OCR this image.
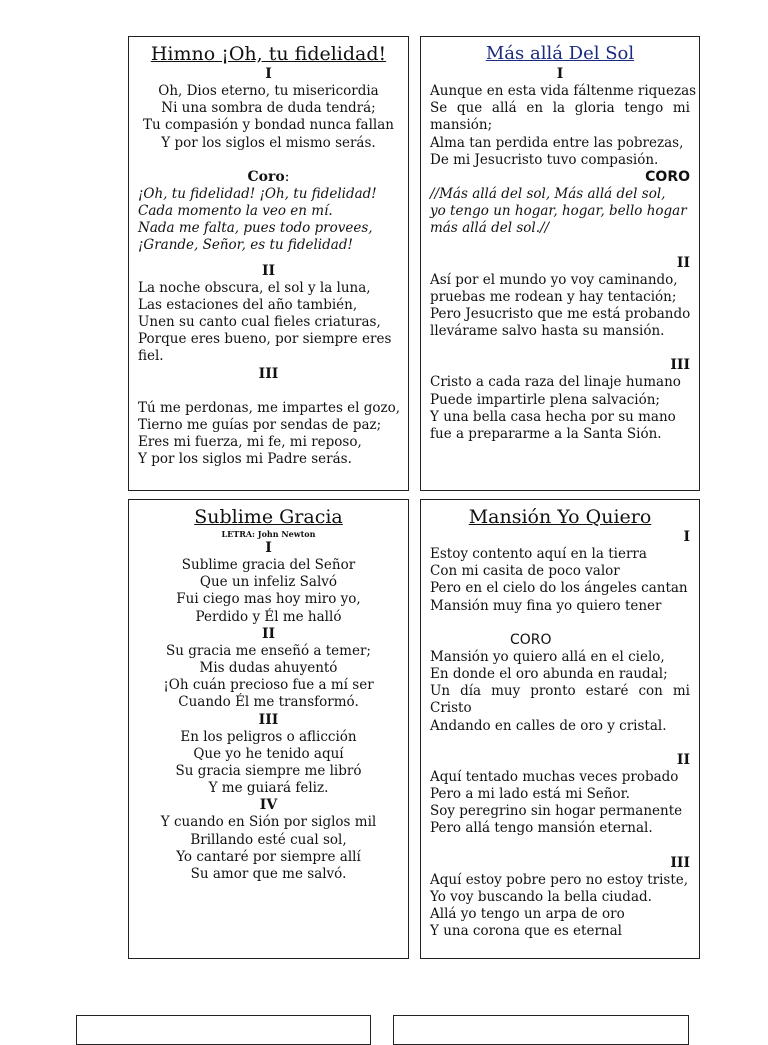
Himno ¡Oh, tu fidelidad!

I

Oh, Dios eterno, tu misericordia

Ni una sombra de duda tendrá;

Tu compasión y bondad nunca fallan

Y por los siglos el mismo serás.

Coro:

¡Oh, tu fidelidad! ¡Oh, tu fidelidad!

Cada momento la veo en mí.

Nada me falta, pues todo provees,

¡Grande, Señor, es tu fidelidad!

II

La noche obscura, el sol y la luna,

Las estaciones del año también,

Unen su canto cual fieles criaturas,

Porque eres bueno, por siempre eres

fiel.

III

Tú me perdonas, me impartes el gozo,

Tierno me guías por sendas de paz;

Eres mi fuerza, mi fe, mi reposo,

Y por los siglos mi Padre serás.

Más allá Del Sol

I

Aunque en esta vida fáltenme riquezas

Se que allá en la gloria tengo mi

mansión;

Alma tan perdida entre las pobrezas,

De mi Jesucristo tuvo compasión.

CORO

//Más allá del sol, Más allá del sol,

yo tengo un hogar, hogar, bello hogar

más allá del sol.//

II

Así por el mundo yo voy caminando,

pruebas me rodean y hay tentación;

Pero Jesucristo que me está probando

llevárame salvo hasta su mansión.

III

Cristo a cada raza del linaje humano

Puede impartirle plena salvación;

Y una bella casa hecha por su mano

fue a prepararme a la Santa Sión.

Sublime Gracia

LETRA: John Newton

I

Sublime gracia del Señor

Que un infeliz Salvó

Fui ciego mas hoy miro yo,

Perdido y Él me halló

II

Su gracia me enseñó a temer;

Mis dudas ahuyentó

¡Oh cuán precioso fue a mí ser

Cuando Él me transformó.

III

En los peligros o aflicción

Que yo he tenido aquí

Su gracia siempre me libró

Y me guiará feliz.

IV

Y cuando en Sión por siglos mil

Brillando esté cual sol,

Yo cantaré por siempre allí

Su amor que me salvó.

Mansión Yo Quiero

I

Estoy contento aquí en la tierra

Con mi casita de poco valor

Pero en el cielo do los ángeles cantan

Mansión muy fina yo quiero tener

CORO

Mansión yo quiero allá en el cielo,

En donde el oro abunda en raudal;

Un día muy pronto estaré con mi

Cristo

Andando en calles de oro y cristal.

II

Aquí tentado muchas veces probado

Pero a mi lado está mi Señor.

Soy peregrino sin hogar permanente

Pero allá tengo mansión eternal.

III

Aquí estoy pobre pero no estoy triste,

Yo voy buscando la bella ciudad.

Allá yo tengo un arpa de oro

Y una corona que es eternal
